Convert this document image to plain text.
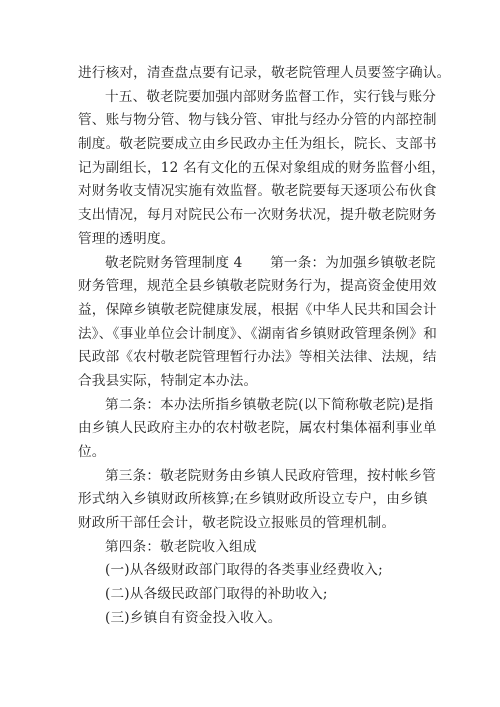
进行核对，清查盘点要有记录，敬老院管理人员要签字确认。
十五、敬老院要加强内部财务监督工作，实行钱与账分
管、账与物分管、物与钱分管、审批与经办分管的内部控制
制度。敬老院要成立由乡民政办主任为组长，院长、支部书
记为副组长，12 名有文化的五保对象组成的财务监督小组，
对财务收支情况实施有效监督。敬老院要每天逐项公布伙食
支出情况，每月对院民公布一次财务状况，提升敬老院财务
管理的透明度。
敬老院财务管理制度 4　　第一条：为加强乡镇敬老院
财务管理，规范全县乡镇敬老院财务行为，提高资金使用效
益，保障乡镇敬老院健康发展，根据《中华人民共和国会计
法》、《事业单位会计制度》、《湖南省乡镇财政管理条例》和
民政部《农村敬老院管理暂行办法》等相关法律、法规，结
合我县实际，特制定本办法。
第二条：本办法所指乡镇敬老院(以下简称敬老院)是指
由乡镇人民政府主办的农村敬老院，属农村集体福利事业单
位。
第三条：敬老院财务由乡镇人民政府管理，按村帐乡管
形式纳入乡镇财政所核算;在乡镇财政所设立专户，由乡镇
财政所干部任会计，敬老院设立报账员的管理机制。
第四条：敬老院收入组成
(一)从各级财政部门取得的各类事业经费收入;
(二)从各级民政部门取得的补助收入;
(三)乡镇自有资金投入收入。
